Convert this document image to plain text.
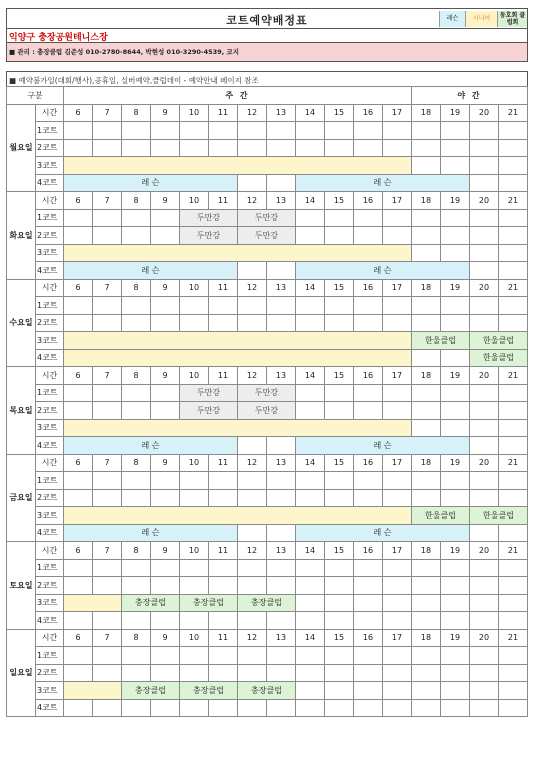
코트예약배정표	레슨	시니어	동호회 클럽회
익양구 충장공원테니스장
■ 관리 : 충장클럽 김준성 010-2780-8644, 박현성 010-3290-4539, 코지
■ 예약불가일(대회/행사),공휴일, 실버예약,클럽데이 - 예약안내 페이지 참조
구분		주 간												야 간			
월요일	시간	6	7	8	9	10	11	12	13	14	15	16	17	18	19	20	21
	1코트																
	2코트																
	3코트																
	4코트	레 슨								레 슨							
화요일	시간	6	7	8	9	10	11	12	13	14	15	16	17	18	19	20	21
	1코트					두만강		두만강									
	2코트					두만강		두만강									
	3코트																
	4코트	레 슨								레 슨							
수요일	시간	6	7	8	9	10	11	12	13	14	15	16	17	18	19	20	21
	1코트																
	2코트																
	3코트													한울클럽		한울클럽	
	4코트															한울클럽	
목요일	시간	6	7	8	9	10	11	12	13	14	15	16	17	18	19	20	21
	1코트					두만강		두만강									
	2코트					두만강		두만강									
	3코트																
	4코트	레 슨								레 슨							
금요일	시간	6	7	8	9	10	11	12	13	14	15	16	17	18	19	20	21
	1코트																
	2코트																
	3코트													한울클럽		한울클럽	
	4코트	레 슨								레 슨							
토요일	시간	6	7	8	9	10	11	12	13	14	15	16	17	18	19	20	21
	1코트																
	2코트																
	3코트			충장클럽		충장클럽		충장클럽									
	4코트																
일요일	시간	6	7	8	9	10	11	12	13	14	15	16	17	18	19	20	21
	1코트																
	2코트																
	3코트			충장클럽		충장클럽		충장클럽									
	4코트																
